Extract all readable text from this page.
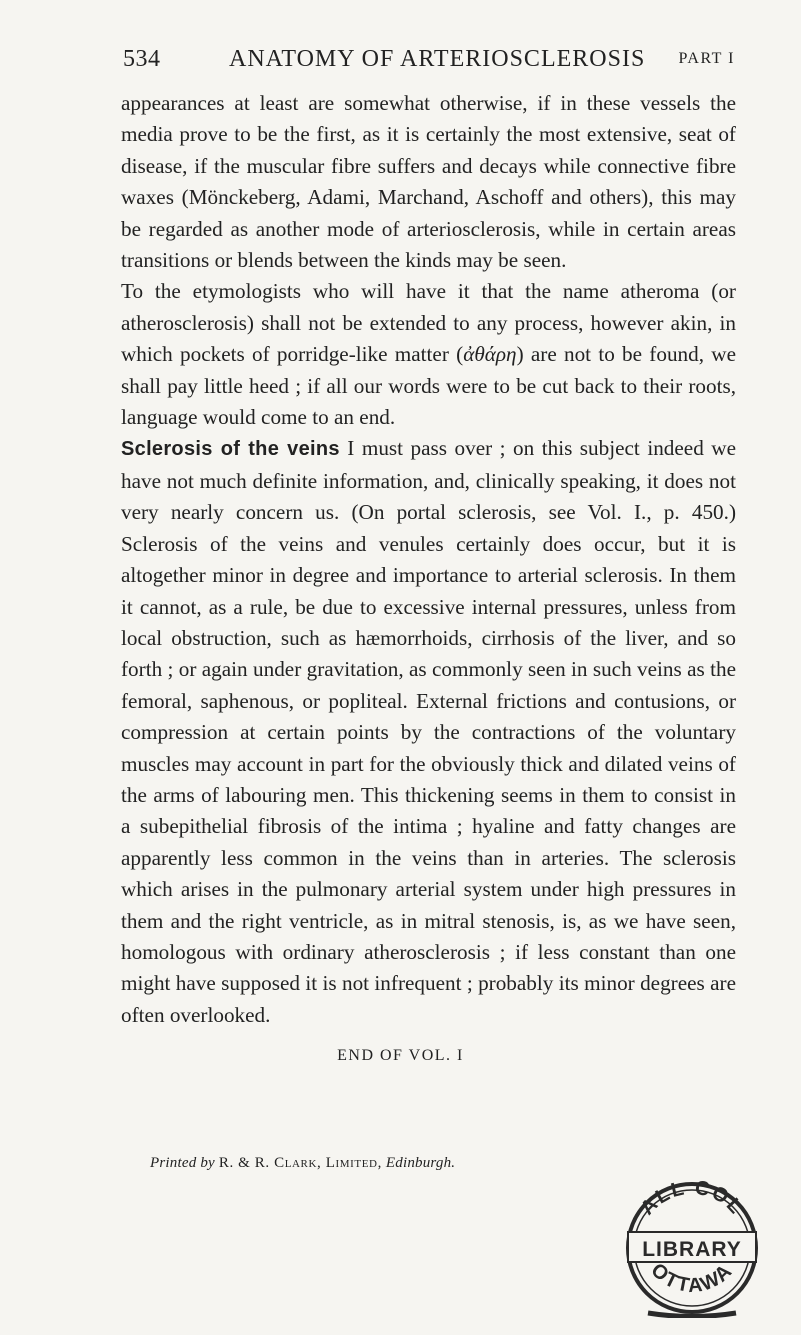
534	ANATOMY OF ARTERIOSCLEROSIS PART I

appearances at least are somewhat otherwise, if in these vessels the media prove to be the first, as it is certainly the most extensive, seat of disease, if the muscular fibre suffers and decays while connective fibre waxes (Mönckeberg, Adami, Marchand, Aschoff and others), this may be regarded as another mode of arteriosclerosis, while in certain areas transitions or blends between the kinds may be seen.

To the etymologists who will have it that the name atheroma (or atherosclerosis) shall not be extended to any process, however akin, in which pockets of porridge-like matter (ἀθάρη) are not to be found, we shall pay little heed ; if all our words were to be cut back to their roots, language would come to an end.

Sclerosis of the veins I must pass over ; on this subject indeed we have not much definite information, and, clinically speaking, it does not very nearly concern us. (On portal sclerosis, see Vol. I., p. 450.) Sclerosis of the veins and venules certainly does occur, but it is altogether minor in degree and importance to arterial sclerosis. In them it cannot, as a rule, be due to excessive internal pressures, unless from local obstruction, such as hæmorrhoids, cirrhosis of the liver, and so forth ; or again under gravitation, as commonly seen in such veins as the femoral, saphenous, or popliteal. External frictions and contusions, or compression at certain points by the contractions of the voluntary muscles may account in part for the obviously thick and dilated veins of the arms of labouring men. This thickening seems in them to consist in a subepithelial fibrosis of the intima ; hyaline and fatty changes are apparently less common in the veins than in arteries. The sclerosis which arises in the pulmonary arterial system under high pressures in them and the right ventricle, as in mitral stenosis, is, as we have seen, homologous with ordinary atherosclerosis ; if less constant than one might have supposed it is not infrequent ; probably its minor degrees are often overlooked.

END OF VOL. I
Printed by R. & R. Clark, Limited, Edinburgh.
ALL COL
LIBRARY
OTTAWA
